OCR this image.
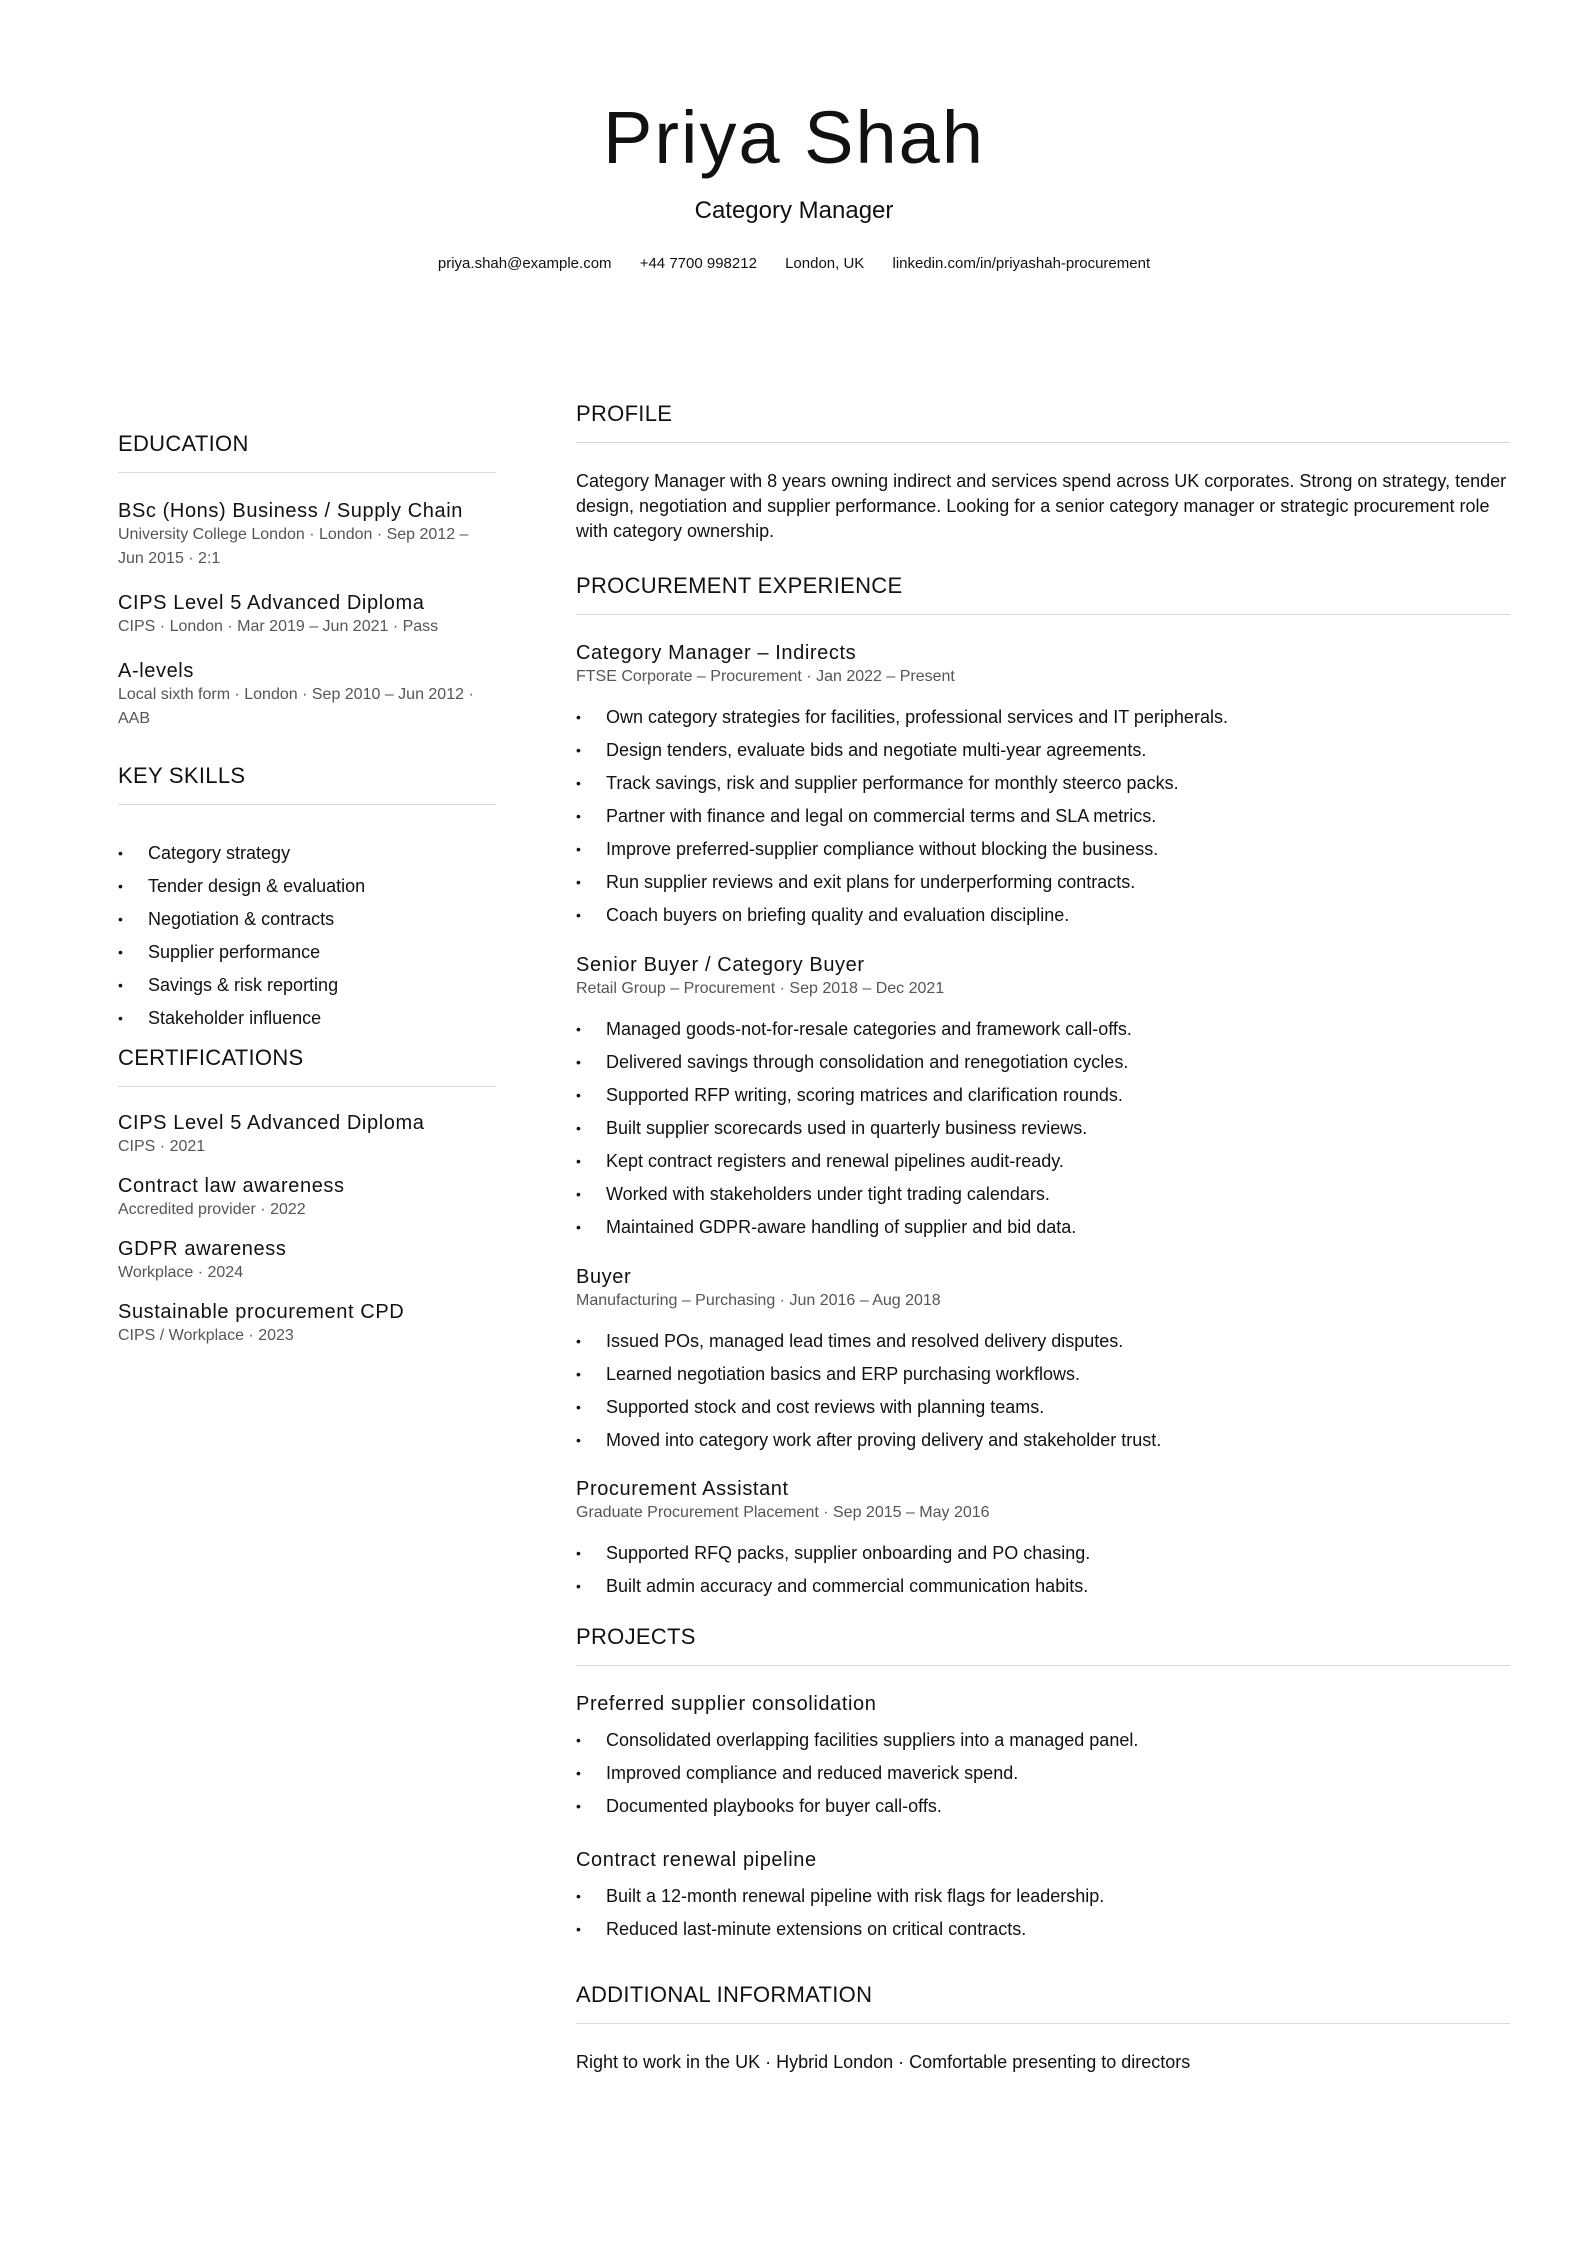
Priya Shah
Category Manager
priya.shah@example.com +44 7700 998212 London, UK linkedin.com/in/priyashah-procurement
EDUCATION
BSc (Hons) Business / Supply Chain
University College London · London · Sep 2012 – Jun 2015 · 2:1
CIPS Level 5 Advanced Diploma
CIPS · London · Mar 2019 – Jun 2021 · Pass
A-levels
Local sixth form · London · Sep 2010 – Jun 2012 · AAB
KEY SKILLS
• Category strategy
• Tender design & evaluation
• Negotiation & contracts
• Supplier performance
• Savings & risk reporting
• Stakeholder influence
CERTIFICATIONS
CIPS Level 5 Advanced Diploma
CIPS · 2021
Contract law awareness
Accredited provider · 2022
GDPR awareness
Workplace · 2024
Sustainable procurement CPD
CIPS / Workplace · 2023
PROFILE
Category Manager with 8 years owning indirect and services spend across UK corporates. Strong on strategy, tender design, negotiation and supplier performance. Looking for a senior category manager or strategic procurement role with category ownership.
PROCUREMENT EXPERIENCE
Category Manager – Indirects
FTSE Corporate – Procurement · Jan 2022 – Present
• Own category strategies for facilities, professional services and IT peripherals.
• Design tenders, evaluate bids and negotiate multi-year agreements.
• Track savings, risk and supplier performance for monthly steerco packs.
• Partner with finance and legal on commercial terms and SLA metrics.
• Improve preferred-supplier compliance without blocking the business.
• Run supplier reviews and exit plans for underperforming contracts.
• Coach buyers on briefing quality and evaluation discipline.
Senior Buyer / Category Buyer
Retail Group – Procurement · Sep 2018 – Dec 2021
• Managed goods-not-for-resale categories and framework call-offs.
• Delivered savings through consolidation and renegotiation cycles.
• Supported RFP writing, scoring matrices and clarification rounds.
• Built supplier scorecards used in quarterly business reviews.
• Kept contract registers and renewal pipelines audit-ready.
• Worked with stakeholders under tight trading calendars.
• Maintained GDPR-aware handling of supplier and bid data.
Buyer
Manufacturing – Purchasing · Jun 2016 – Aug 2018
• Issued POs, managed lead times and resolved delivery disputes.
• Learned negotiation basics and ERP purchasing workflows.
• Supported stock and cost reviews with planning teams.
• Moved into category work after proving delivery and stakeholder trust.
Procurement Assistant
Graduate Procurement Placement · Sep 2015 – May 2016
• Supported RFQ packs, supplier onboarding and PO chasing.
• Built admin accuracy and commercial communication habits.
PROJECTS
Preferred supplier consolidation
• Consolidated overlapping facilities suppliers into a managed panel.
• Improved compliance and reduced maverick spend.
• Documented playbooks for buyer call-offs.
Contract renewal pipeline
• Built a 12-month renewal pipeline with risk flags for leadership.
• Reduced last-minute extensions on critical contracts.
ADDITIONAL INFORMATION
Right to work in the UK · Hybrid London · Comfortable presenting to directors
